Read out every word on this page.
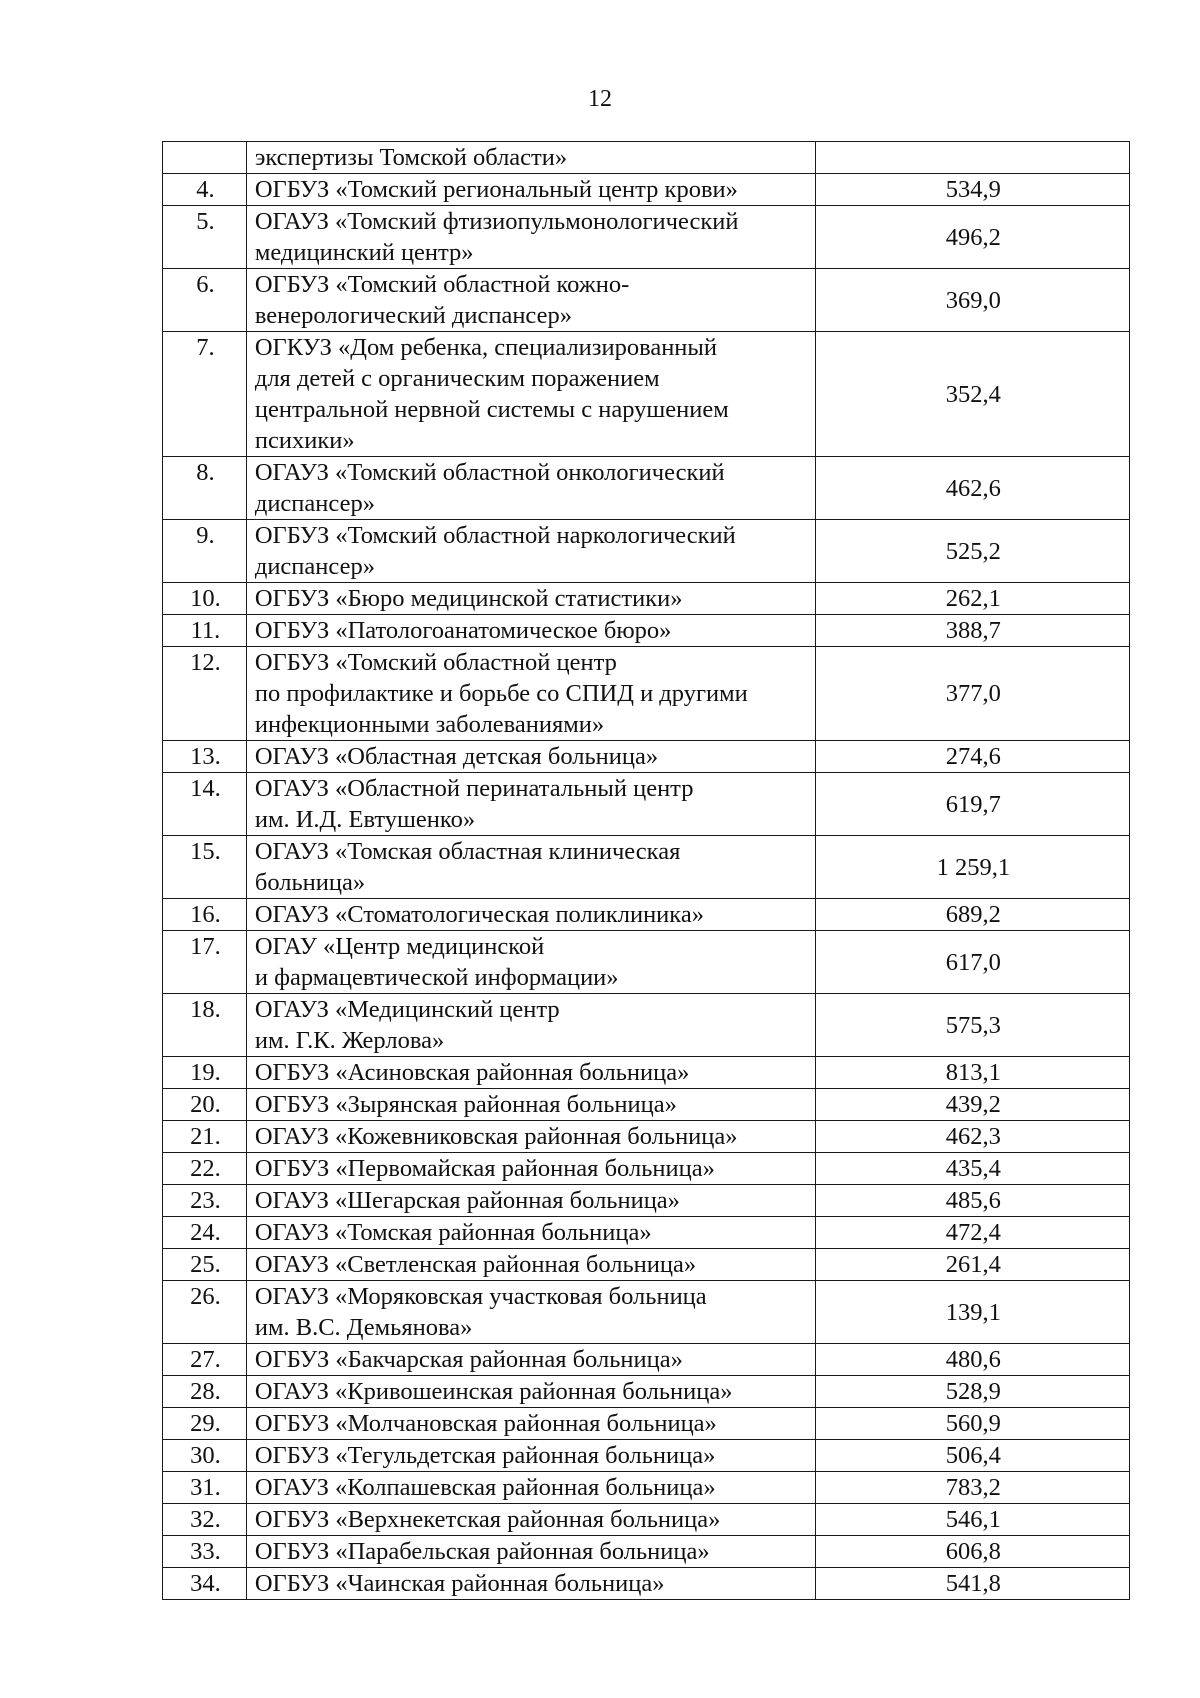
12

	экспертизы Томской области»	

4.	ОГБУЗ «Томский региональный центр крови»	534,9
5.	ОГАУЗ «Томский фтизиопульмонологический
медицинский центр»	496,2
6.	ОГБУЗ «Томский областной кожно-
венерологический диспансер»	369,0
7.	ОГКУЗ «Дом ребенка, специализированный
для детей с органическим поражением
центральной нервной системы с нарушением
психики»	352,4
8.	ОГАУЗ «Томский областной онкологический
диспансер»	462,6
9.	ОГБУЗ «Томский областной наркологический
диспансер»	525,2
10.	ОГБУЗ «Бюро медицинской статистики»	262,1
11.	ОГБУЗ «Патологоанатомическое бюро»	388,7
12.	ОГБУЗ «Томский областной центр
по профилактике и борьбе со СПИД и другими
инфекционными заболеваниями»	377,0
13.	ОГАУЗ «Областная детская больница»	274,6
14.	ОГАУЗ «Областной перинатальный центр
им. И.Д. Евтушенко»	619,7
15.	ОГАУЗ «Томская областная клиническая
больница»	1 259,1
16.	ОГАУЗ «Стоматологическая поликлиника»	689,2
17.	ОГАУ «Центр медицинской
и фармацевтической информации»	617,0
18.	ОГАУЗ «Медицинский центр
им. Г.К. Жерлова»	575,3
19.	ОГБУЗ «Асиновская районная больница»	813,1
20.	ОГБУЗ «Зырянская районная больница»	439,2
21.	ОГАУЗ «Кожевниковская районная больница»	462,3
22.	ОГБУЗ «Первомайская районная больница»	435,4
23.	ОГАУЗ «Шегарская районная больница»	485,6
24.	ОГАУЗ «Томская районная больница»	472,4
25.	ОГАУЗ «Светленская районная больница»	261,4
26.	ОГАУЗ «Моряковская участковая больница
им. В.С. Демьянова»	139,1
27.	ОГБУЗ «Бакчарская районная больница»	480,6
28.	ОГАУЗ «Кривошеинская районная больница»	528,9
29.	ОГБУЗ «Молчановская районная больница»	560,9
30.	ОГБУЗ «Тегульдетская районная больница»	506,4
31.	ОГАУЗ «Колпашевская районная больница»	783,2
32.	ОГБУЗ «Верхнекетская районная больница»	546,1
33.	ОГБУЗ «Парабельская районная больница»	606,8
34.	ОГБУЗ «Чаинская районная больница»	541,8
